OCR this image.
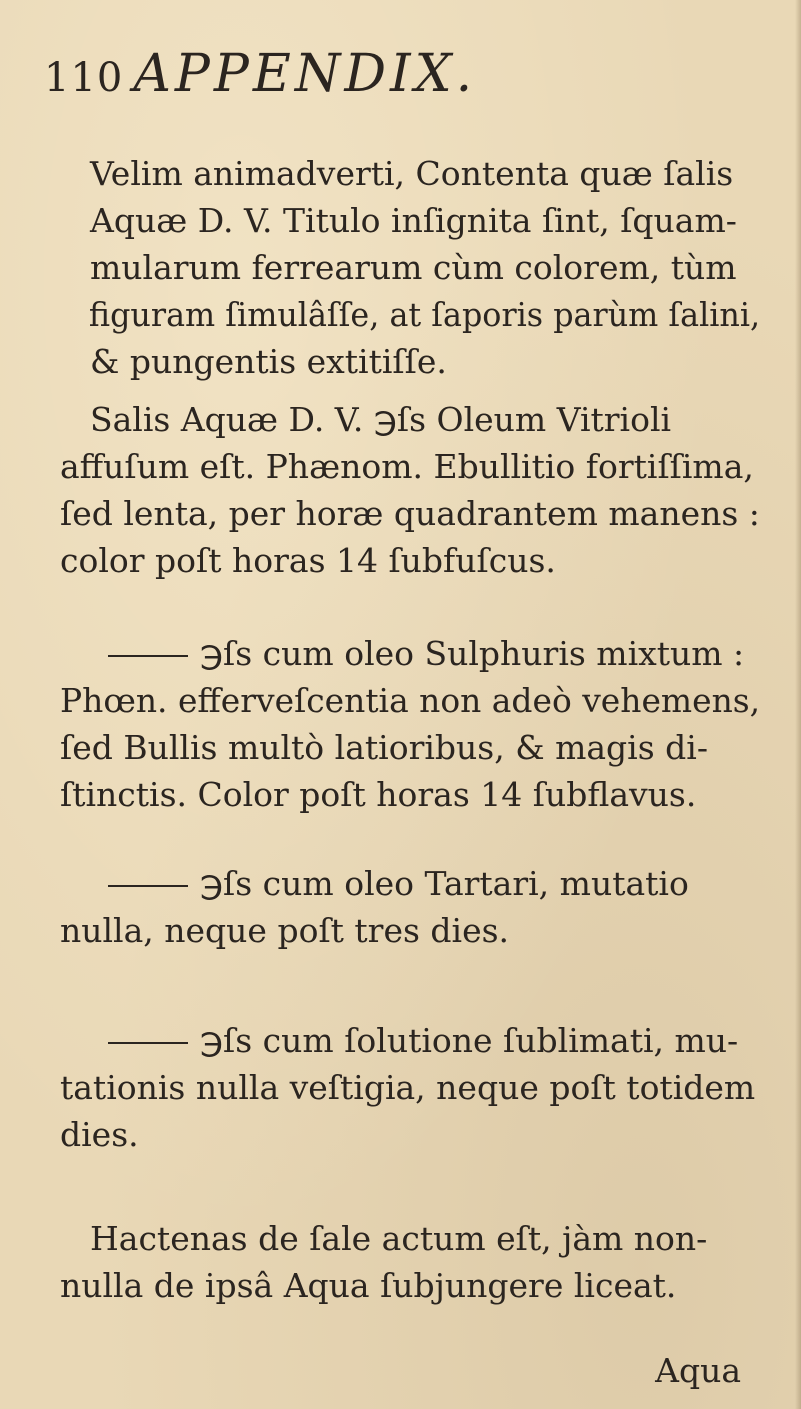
110 APPENDIX.

Velim animadverti, Contenta quæ ſalis
Aquæ D. V. Titulo inſignita ſint, ſquam-
mularum ferrearum cùm colorem, tùm
figuram ſimulâſſe, at ſaporis parùm ſalini,
& pungentis extitiſſe.

Salis Aquæ D. V. ℈ſs Oleum Vitrioli
affuſum eſt. Phænom. Ebullitio fortiſſima,
ſed lenta, per horæ quadrantem manens :
color poſt horas 14 ſubfuſcus.

℈ſs cum oleo Sulphuris mixtum :
Phœn. efferveſcentia non adeò vehemens,
ſed Bullis multò latioribus, & magis di-
ſtinctis. Color poſt horas 14 ſubflavus.

℈ſs cum oleo Tartari, mutatio
nulla, neque poſt tres dies.

℈ſs cum ſolutione ſublimati, mu-
tationis nulla veſtigia, neque poſt totidem
dies.

Hactenas de ſale actum eſt, jàm non-
nulla de ipsâ Aqua ſubjungere liceat.

Aqua
